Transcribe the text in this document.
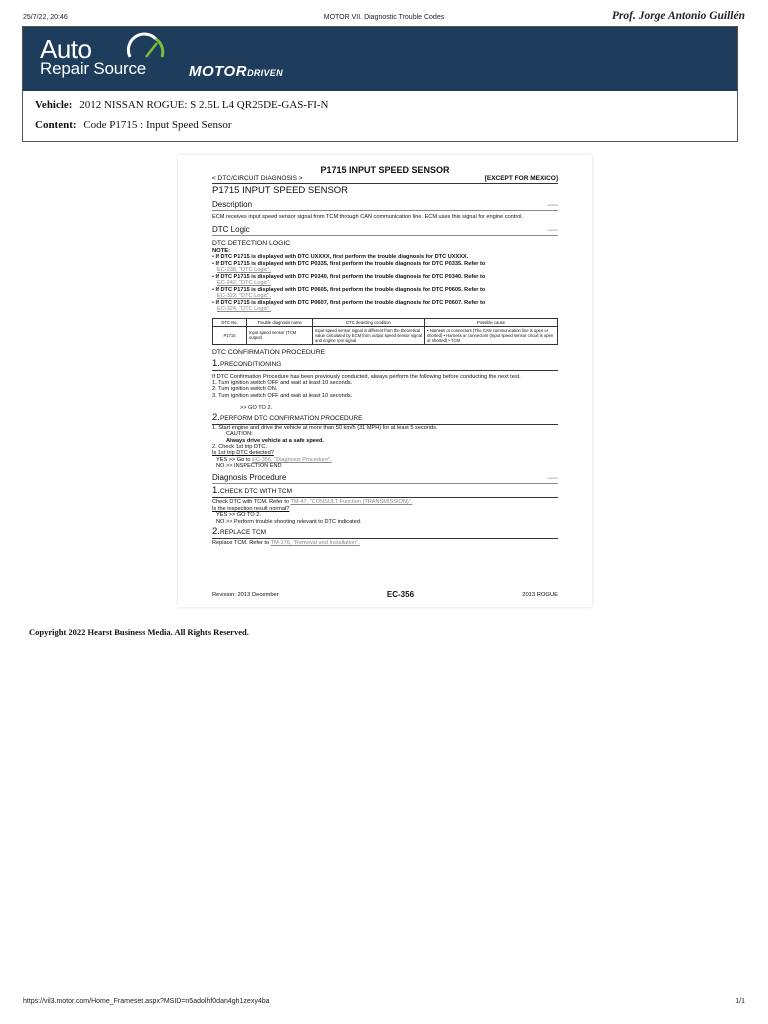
25/7/22, 20:46	MOTOR VII. Diagnostic Trouble Codes	Prof. Jorge Antonio Guillén
Auto
Repair Source	MOTORDRIVEN
Vehicle: 2012 NISSAN ROGUE: S 2.5L L4 QR25DE-GAS-FI-N
Content: Code P1715 : Input Speed Sensor
P1715 INPUT SPEED SENSOR
< DTC/CIRCUIT DIAGNOSIS >	[EXCEPT FOR MEXICO]
P1715 INPUT SPEED SENSOR
Description	▪▪▪▪▪▪▪▪▪▪
ECM receives input speed sensor signal from TCM through CAN communication line. ECM uses this signal for engine control.
DTC Logic	▪▪▪▪▪▪▪▪▪▪
DTC DETECTION LOGIC
NOTE:
• If DTC P1715 is displayed with DTC UXXXX, first perform the trouble diagnosis for DTC UXXXX.
• If DTC P1715 is displayed with DTC P0335, first perform the trouble diagnosis for DTC P0335. Refer to
EC-238, "DTC Logic".
• If DTC P1715 is displayed with DTC P0340, first perform the trouble diagnosis for DTC P0340. Refer to
EC-242, "DTC Logic".
• If DTC P1715 is displayed with DTC P0605, first perform the trouble diagnosis for DTC P0605. Refer to
EC-322, "DTC Logic".
• If DTC P1715 is displayed with DTC P0607, first perform the trouble diagnosis for DTC P0607. Refer to
EC-324, "DTC Logic".
DTC No.	Trouble diagnosis name	DTC detecting condition	Possible cause
P1715	Input speed sensor (TCM output)	Input speed sensor signal is different from the theoretical value calculated by ECM from output speed sensor signal and engine rpm signal.	• Harness or connectors (The CAN communication line is open or shorted) • Harness or connectors (Input speed sensor circuit is open or shorted) • TCM
DTC CONFIRMATION PROCEDURE
1.PRECONDITIONING
If DTC Confirmation Procedure has been previously conducted, always perform the following before conducting the next test.
1. Turn ignition switch OFF and wait at least 10 seconds.
2. Turn ignition switch ON.
3. Turn ignition switch OFF and wait at least 10 seconds.
>> GO TO 2.
2.PERFORM DTC CONFIRMATION PROCEDURE
1. Start engine and drive the vehicle at more than 50 km/h (31 MPH) for at least 5 seconds.
CAUTION:
Always drive vehicle at a safe speed.
2. Check 1st trip DTC.
Is 1st trip DTC detected?
YES >> Go to EC-356, "Diagnosis Procedure".
NO >> INSPECTION END
Diagnosis Procedure	▪▪▪▪▪▪▪▪▪▪
1.CHECK DTC WITH TCM
Check DTC with TCM. Refer to TM-47, "CONSULT Function (TRANSMISSION)".
Is the inspection result normal?
YES >> GO TO 2.
NO >> Perform trouble shooting relevant to DTC indicated.
2.REPLACE TCM
Replace TCM. Refer to TM-176, "Removal and Installation".
Revision: 2013 December	EC-356	2013 ROGUE
Copyright 2022 Hearst Business Media. All Rights Reserved.
https://vil3.motor.com/Home_Frameset.aspx?MSID=n5adolhf0dan4gh1zexy4ba	1/1
